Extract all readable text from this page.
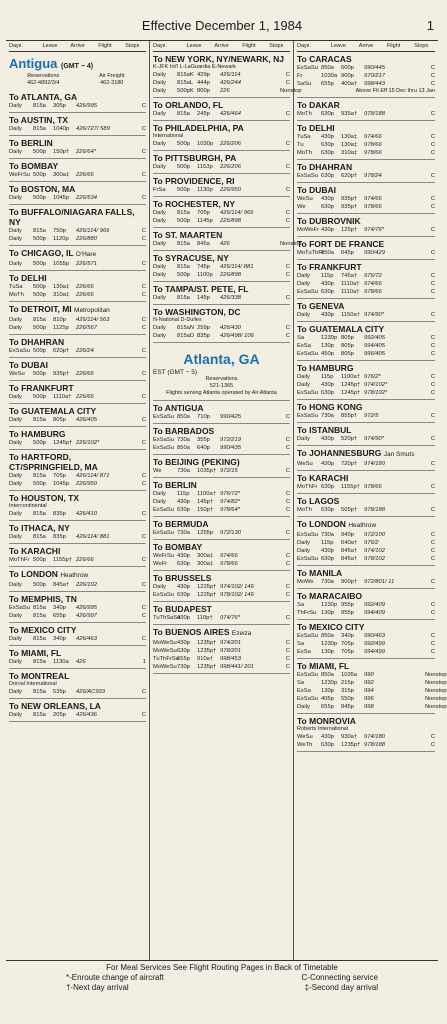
Effective December 1, 1984	1
Days	Leave	Arrive	Flight	Stops
Antigua (GMT − 4)
Reservations
462-4892/3/4
Air Freight
462-3180
To ATLANTA, GA
Daily	815a	305p	426/995	C
To AUSTIN, TX
Daily	815a	1040p	426/727/ 589	C
To BERLIN
Daily	500p	150p†	226/64*	C
To BOMBAY
WeFrSu 500p	300a‡	226/66	C
To BOSTON, MA
Daily	500p	1045p	226/534	C
To BUFFALO/NIAGARA FALLS, NY
Daily	815a	750p	426/114/ 966	C
Daily	500p	1120p	226/880	C
To CHICAGO, IL O'Hare
Daily	500p	1055p	226/571	C
To DELHI
TuSa	500p	130a‡	226/66	C
MoTh	500p	310a‡	226/66	C
To DETROIT, MI Metropolitan
Daily	815a	810p	426/114/ 563	C
Daily	500p	1125p	226/567	C
To DHAHRAN
ExSaSu 500p	620p†	226/24	C
To DUBAI
WeSu	500p	935p†	226/66	C
To FRANKFURT
Daily	500p	1110a† 226/66	C
To GUATEMALA CITY
Daily	815a	805p	426/405	C
To HAMBURG
Daily	500p	1245p† 226/102*	C
To HARTFORD, CT/SPRINGFIELD, MA
Daily	815a	705p	426/114/ 871	C
Daily	500p	1045p	226/950	C
To HOUSTON, TX
Intercontinental
Daily	815a	835p	426/410	C
To ITHACA, NY
Daily	815a	835p	426/114/ 881	C
To KARACHI
MoThFr 500p	1155p† 226/66	C
To LONDON Heathrow
Daily	500p	845a†	226/102	C
To MEMPHIS, TN
ExSaSu 815a	340p	426/995	C
Daily	815a	655p	426/997	C
To MEXICO CITY
Daily	815a	340p	426/463	C
To MIAMI, FL
Daily	815a	1130a	426	1
To MONTREAL
Dorval International
Daily	815a	535p	426/AC933	C
To NEW ORLEANS, LA
Daily	815a	205p	426/436	C
Days	Leave	Arrive	Flight	Stops
To NEW YORK, NY/NEWARK, NJ
K-JFK Int'l L-LaGuardia E-Newark
Daily	815aK 429p	426/114	C
Daily	815aL 444p	426/244	C
Daily	500pK 800p	226	Nonstop
To ORLANDO, FL
Daily	815a	245p	426/464	C
To PHILADELPHIA, PA
International
Daily	500p	1030p	226/206	C
To PITTSBURGH, PA
Daily	500p	1153p	226/206	C
To PROVIDENCE, RI
FrSa	500p	1130p	226/950	C
To ROCHESTER, NY
Daily	815a	705p	426/114/ 966	C
Daily	500p	1145p	226/898	C
To ST. MAARTEN
Daily	815a	845a	426	Nonstop
To SYRACUSE, NY
Daily	815a	745p	426/114/ 881	C
Daily	500p	1100p	226/898	C
To TAMPA/ST. PETE, FL
Daily	815a	145p	426/338	C
To WASHINGTON, DC
N-National D-Dulles
Daily	815aN 259p	426/430	C
Daily	815aD 835p	426/498/ 106	C
Atlanta, GA
EST (GMT − 5)
Reservations
521-1365
Flights serving Atlanta operated by Air Atlanta
To ANTIGUA
ExSaSu 850a	710p	990/425	C
To BARBADOS
ExSaSu 730a	355p	972/219	C
ExSaSu 850a	640p	990/435	C
To BEIJING (PEKING)
We	730a	1035p† 972/15	C
To BERLIN
Daily	115p	1100a† 976/72*	C
Daily	430p	145p†	974/82*	C
ExSaSu 630p	150p†	978/64*	C
To BERMUDA
ExSaSu 730a	1255p	972/130	C
To BOMBAY
WeFrSu 430p	300a‡	974/66	C
WeFr	630p	300a‡	978/66	C
To BRUSSELS
Daily	430p	1225p† 974/102/ 146	C
ExSaSu 630p	1225p† 978/102/ 146	C
To BUDAPEST
TuThSaSu
430p	110p†	974/76*	C
To BUENOS AIRES Ezeiza
MoWeSu 430p	1235p† 974/201	C
MoWeSu 630p	1235p† 978/201	C
TuThFrSa
655p	910a†	998/453	C
MoWeSu 730p	1235p† 998/441/ 201	C
Days	Leave	Arrive	Flight	Stops
To CARACAS
ExSaSu 850a	600p	990/445	C
Fr	1030a 900p	970/217	C
SaSu	655p	400a†	998/443	C
Above Flt Eff 15 Dec thru 13 Jan
To DAKAR
MoTh	630p	935a†	978/188	C
To DELHI
TuSa	430p	130a‡	974/66	C
Tu	630p	130a‡	978/66	C
MoTh	630p	310a‡	978/66	C
To DHAHRAN
ExSaSu 630p	620p†	978/24	C
To DUBAI
WeSu	430p	935p†	974/66	C
We	630p	935p†	978/66	C
To DUBROVNIK
MoWeFr 430p	125p†	974/76*	C
To FORT DE FRANCE
MoTuThFr
850a	645p	990/429	C
To FRANKFURT
Daily	115p	745a†	976/72	C
Daily	430p	1110a† 974/66	C
ExSaSu 630p	1110a† 978/66	C
To GENEVA
Daily	430p	1150a† 974/90*	C
To GUATEMALA CITY
Sa	1230p 805p	992/405	C
ExSa	130p	805p	994/405	C
ExSaSu 450p	805p	996/405	C
To HAMBURG
Daily	115p	1100a† 976/2*	C
Daily	430p	1245p† 974/102*	C
ExSaSu 630p	1245p† 978/102*	C
To HONG KONG
ExSaSu 730a	855p†	972/5	C
To ISTANBUL
Daily	430p	520p†	974/90*	C
To JOHANNESBURG Jan Smuts
WeSu	430p	720p†	974/180	C
To KARACHI
MoThFr 630p	1155p† 978/66	C
To LAGOS
MoTh	630p	505p†	978/188	C
To LONDON Heathrow
ExSaSu 730a	940p	972/100	C
Daily	115p	640a†	976/2	C
Daily	430p	845a†	974/102	C
ExSaSu 630p	845a†	978/102	C
To MANILA
MoWe	730a	900p†	972/801/ 11	C
To MARACAIBO
Sa	1230p 955p	992/409	C
ThFrSu 130p	955p	994/409	C
To MEXICO CITY
ExSaSu 850a	340p	990/463	C
Sa	1230p 705p	992/499	C
ExSa	130p	705p	994/499	C
To MIAMI, FL
ExSaSu 850a	1035a	990	Nonstop
Sa	1230p 215p	992	Nonstop
ExSa	130p	315p	994	Nonstop
ExSaSu 405p	550p	996	Nonstop
Daily	655p	845p	998	Nonstop
To MONROVIA
Roberts International
WeSu	430p	930a†	974/180	C
WeTh	630p	1235p† 978/188	C
For Meal Services See Flight Routing Pages in Back of Timetable
*-Enroute change of aircraft	C-Connecting service
†-Next day arrival	‡-Second day arrival
